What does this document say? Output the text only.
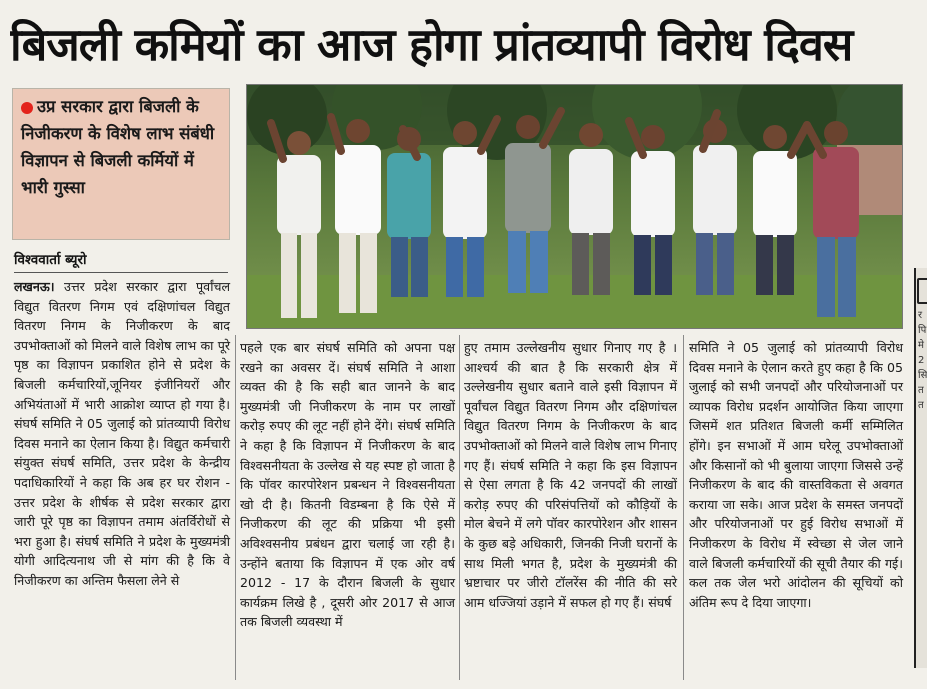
बिजली कमियों का आज होगा प्रांतव्यापी विरोध दिवस
उप्र सरकार द्वारा बिजली के निजीकरण के विशेष लाभ संबंधी विज्ञापन से बिजली कर्मियों में भारी गुस्सा
विश्ववार्ता ब्यूरो

लखनऊ। उत्तर प्रदेश सरकार द्वारा पूर्वांचल विद्युत वितरण निगम एवं दक्षिणांचल विद्युत वितरण निगम के निजीकरण के बाद उपभोक्ताओं को मिलने वाले विशेष लाभ का पूरे पृष्ठ का विज्ञापन प्रकाशित होने से प्रदेश के बिजली कर्मचारियों,जूनियर इंजीनियरों और अभियंताओं में भारी आक्रोश व्याप्त हो गया है। संघर्ष समिति ने 05 जुलाई को प्रांतव्यापी विरोध दिवस मनाने का ऐलान किया है। विद्युत कर्मचारी संयुक्त संघर्ष समिति, उत्तर प्रदेश के केन्द्रीय पदाधिकारियों ने कहा कि अब हर घर रोशन - उत्तर प्रदेश के शीर्षक से प्रदेश सरकार द्वारा जारी पूरे पृष्ठ का विज्ञापन तमाम अंतर्विरोधों से भरा हुआ है। संघर्ष समिति ने प्रदेश के मुख्यमंत्री योगी आदित्यनाथ जी से मांग की है कि वे निजीकरण का अन्तिम फैसला लेने से

पहले एक बार संघर्ष समिति को अपना पक्ष रखने का अवसर दें। संघर्ष समिति ने आशा व्यक्त की है कि सही बात जानने के बाद मुख्यमंत्री जी निजीकरण के नाम पर लाखों करोड़ रुपए की लूट नहीं होने देंगे। संघर्ष समिति ने कहा है कि विज्ञापन में निजीकरण के बाद विश्वसनीयता के उल्लेख से यह स्पष्ट हो जाता है कि पॉवर कारपोरेशन प्रबन्धन ने विश्वसनीयता खो दी है। कितनी विडम्बना है कि ऐसे में निजीकरण की लूट की प्रक्रिया भी इसी अविश्वसनीय प्रबंधन द्वारा चलाई जा रही है। उन्होंने बताया कि विज्ञापन में एक ओर वर्ष 2012 - 17 के दौरान बिजली के सुधार कार्यक्रम लिखे है , दूसरी ओर 2017 से आज तक बिजली व्यवस्था में

हुए तमाम उल्लेखनीय सुधार गिनाए गए है । आश्चर्य की बात है कि सरकारी क्षेत्र में उल्लेखनीय सुधार बताने वाले इसी विज्ञापन में पूर्वांचल विद्युत वितरण निगम और दक्षिणांचल विद्युत वितरण निगम के निजीकरण के बाद उपभोक्ताओं को मिलने वाले विशेष लाभ गिनाए गए हैं। संघर्ष समिति ने कहा कि इस विज्ञापन से ऐसा लगता है कि 42 जनपदों की लाखों करोड़ रुपए की परिसंपत्तियों को कौड़ियों के मोल बेचने में लगे पॉवर कारपोरेशन और शासन के कुछ बड़े अधिकारी, जिनकी निजी घरानों के साथ मिली भगत है, प्रदेश के मुख्यमंत्री की भ्रष्टाचार पर जीरो टॉलरेंस की नीति की सरे आम धज्जियां उड़ाने में सफल हो गए हैं। संघर्ष

समिति ने 05 जुलाई को प्रांतव्यापी विरोध दिवस मनाने के ऐलान करते हुए कहा है कि 05 जुलाई को सभी जनपदों और परियोजनाओं पर व्यापक विरोध प्रदर्शन आयोजित किया जाएगा जिसमें शत प्रतिशत बिजली कर्मी सम्मिलित होंगे। इन सभाओं में आम घरेलू उपभोक्ताओं और किसानों को भी बुलाया जाएगा जिससे उन्हें निजीकरण के बाद की वास्तविकता से अवगत कराया जा सके। आज प्रदेश के समस्त जनपदों और परियोजनाओं पर हुई विरोध सभाओं में निजीकरण के विरोध में स्वेच्छा से जेल जाने वाले बिजली कर्मचारियों की सूची तैयार की गई। कल तक जेल भरो आंदोलन की सूचियों को अंतिम रूप दे दिया जाएगा।

र पि मे 2 सि त त
